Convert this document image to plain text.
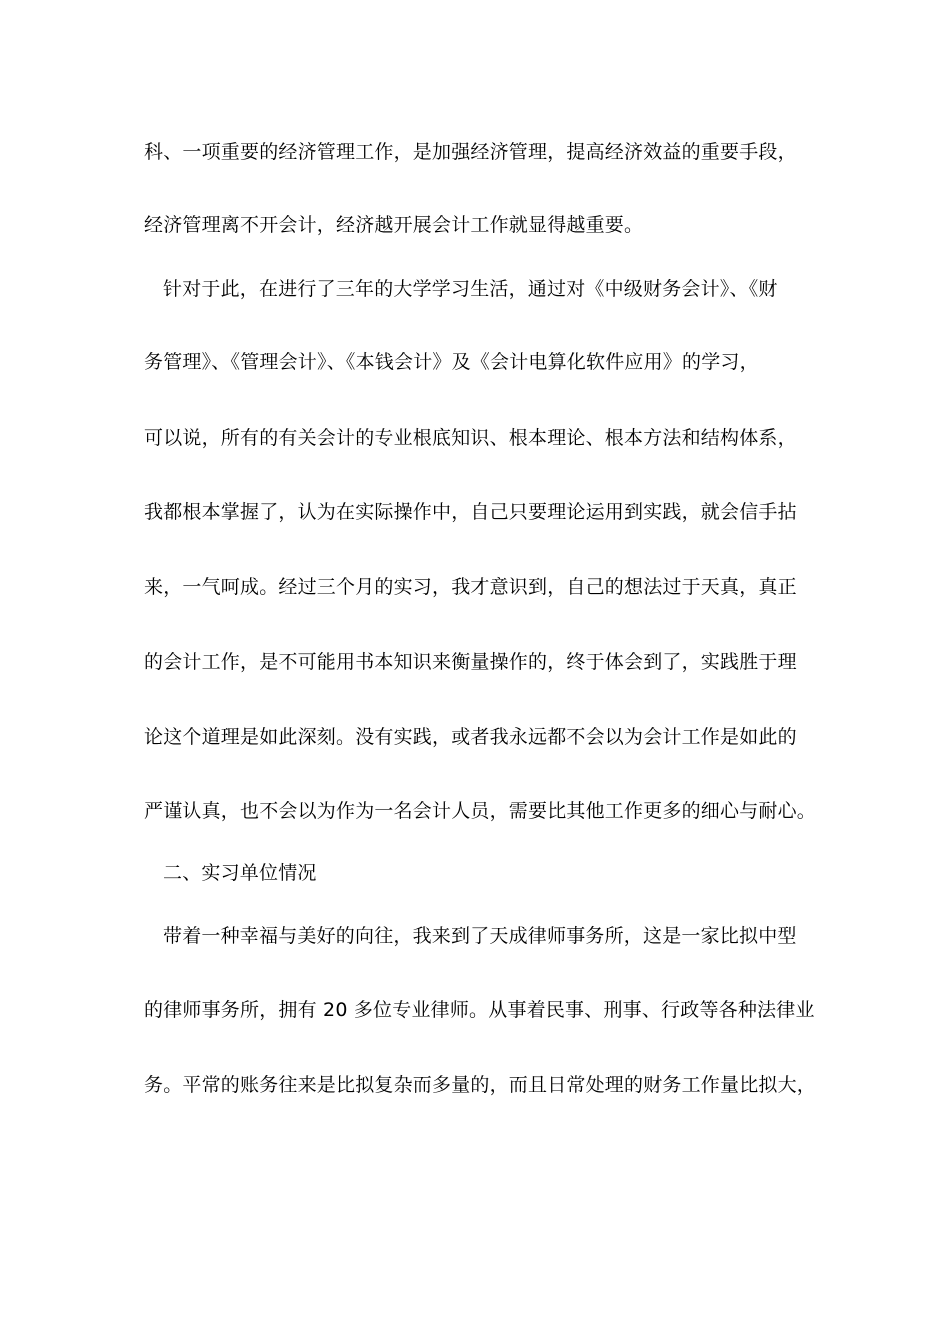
科、一项重要的经济管理工作，是加强经济管理，提高经济效益的重要手段，
经济管理离不开会计，经济越开展会计工作就显得越重要。
针对于此，在进行了三年的大学学习生活，通过对《中级财务会计》、《财
务管理》、《管理会计》、《本钱会计》及《会计电算化软件应用》的学习，
可以说，所有的有关会计的专业根底知识、根本理论、根本方法和结构体系，
我都根本掌握了，认为在实际操作中，自己只要理论运用到实践，就会信手拈
来，一气呵成。经过三个月的实习，我才意识到，自己的想法过于天真，真正
的会计工作，是不可能用书本知识来衡量操作的，终于体会到了，实践胜于理
论这个道理是如此深刻。没有实践，或者我永远都不会以为会计工作是如此的
严谨认真，也不会以为作为一名会计人员，需要比其他工作更多的细心与耐心。
二、实习单位情况
带着一种幸福与美好的向往，我来到了天成律师事务所，这是一家比拟中型
的律师事务所，拥有 20 多位专业律师。从事着民事、刑事、行政等各种法律业
务。平常的账务往来是比拟复杂而多量的，而且日常处理的财务工作量比拟大，
